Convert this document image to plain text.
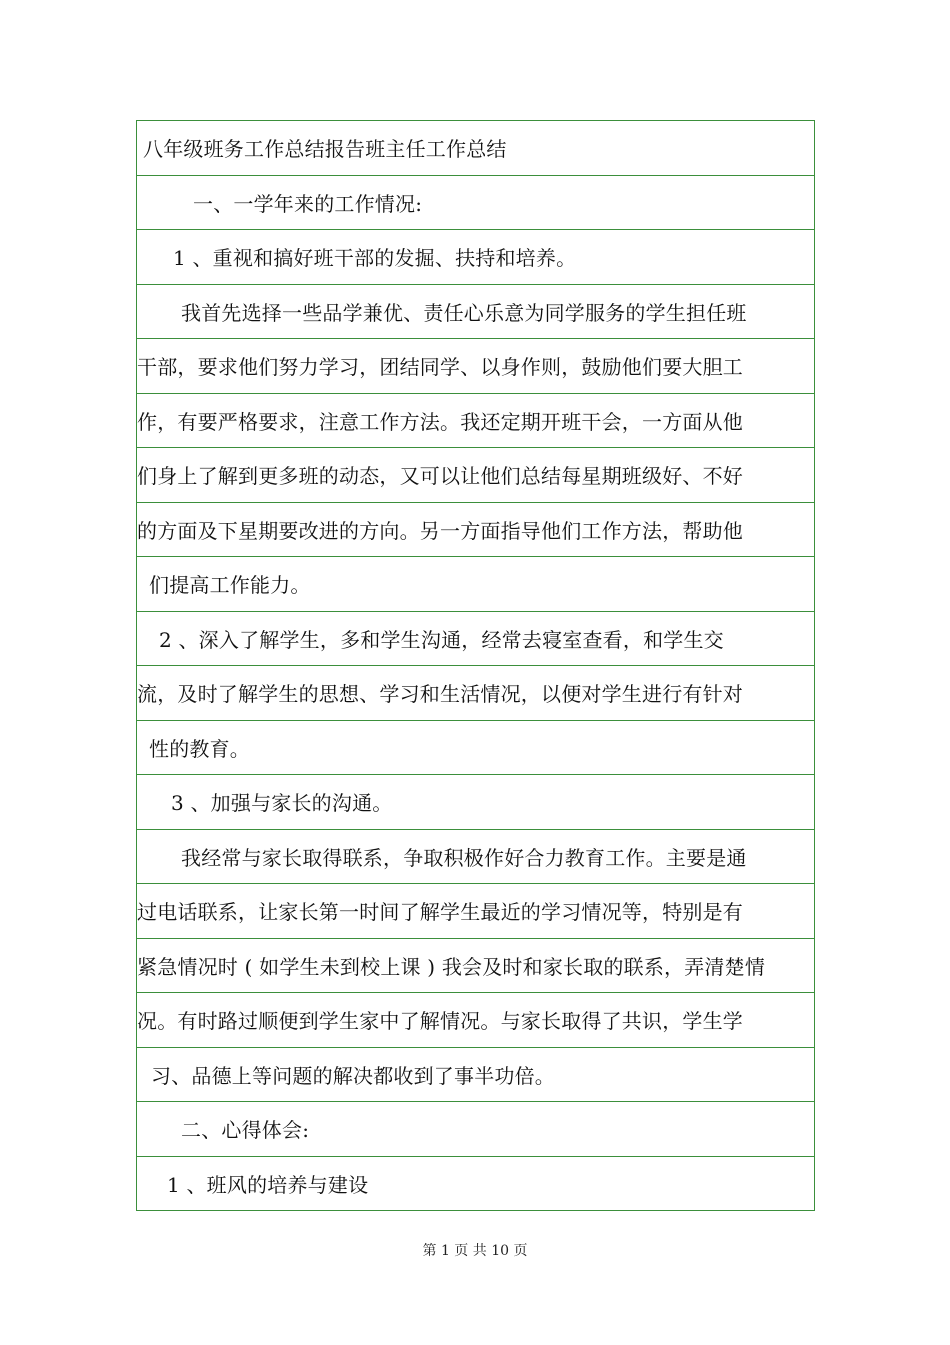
八年级班务工作总结报告班主任工作总结
一、一学年来的工作情况:
1 、重视和搞好班干部的发掘、扶持和培养。
我首先选择一些品学兼优、责任心乐意为同学服务的学生担任班
干部，要求他们努力学习，团结同学、以身作则，鼓励他们要大胆工
作，有要严格要求，注意工作方法。我还定期开班干会，一方面从他
们身上了解到更多班的动态，又可以让他们总结每星期班级好、不好
的方面及下星期要改进的方向。另一方面指导他们工作方法，帮助他
们提高工作能力。
2 、深入了解学生，多和学生沟通，经常去寝室查看，和学生交
流，及时了解学生的思想、学习和生活情况，以便对学生进行有针对
性的教育。
3 、加强与家长的沟通。
我经常与家长取得联系，争取积极作好合力教育工作。主要是通
过电话联系，让家长第一时间了解学生最近的学习情况等，特别是有
紧急情况时 ( 如学生未到校上课 ) 我会及时和家长取的联系，弄清楚情
况。有时路过顺便到学生家中了解情况。与家长取得了共识，学生学
习、品德上等问题的解决都收到了事半功倍。
二、心得体会:
1 、班风的培养与建设
第 1 页 共 10 页
